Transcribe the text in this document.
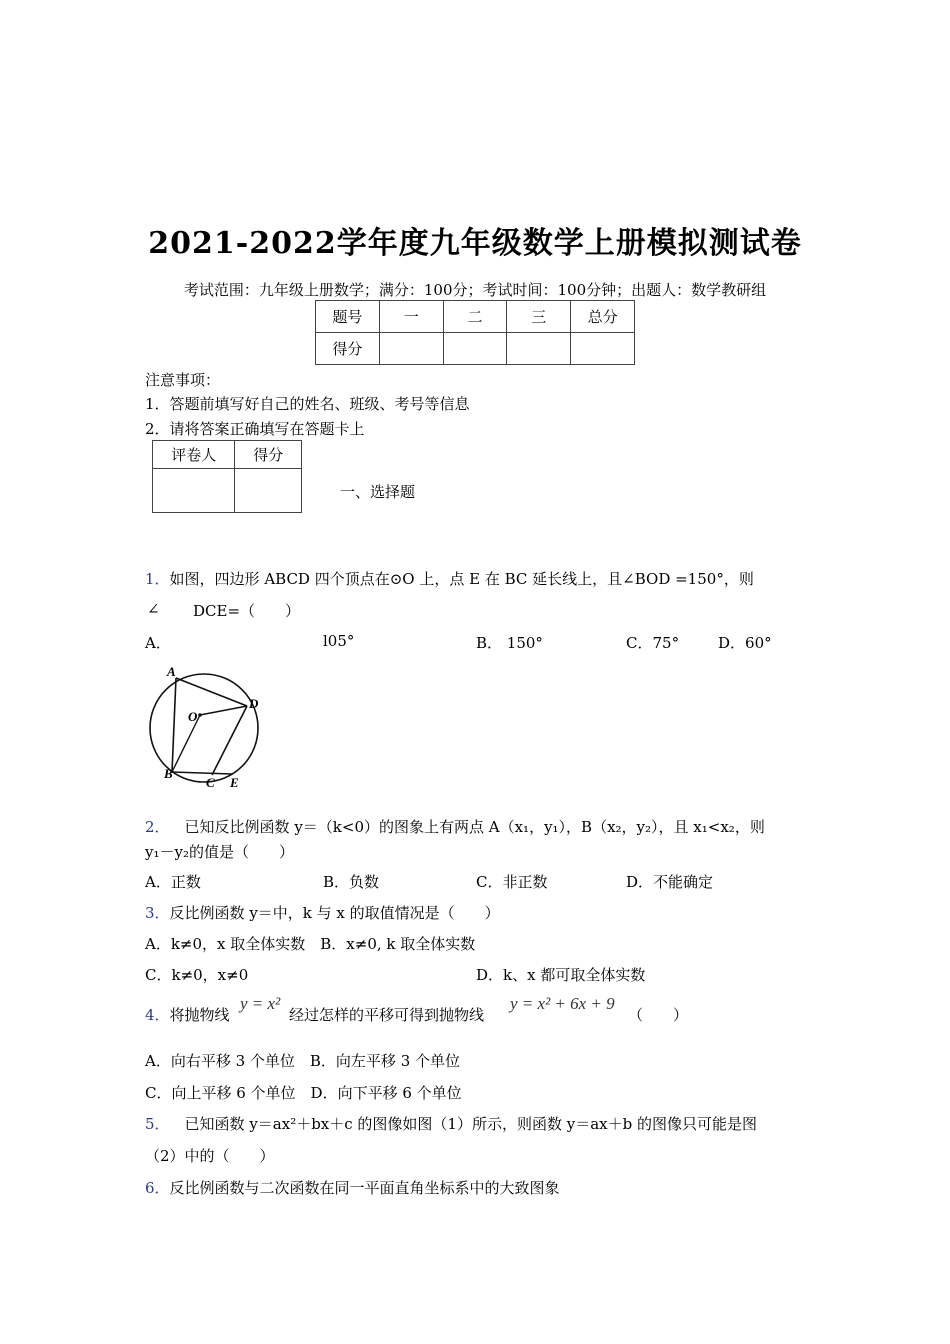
2021-2022学年度九年级数学上册模拟测试卷
考试范围：九年级上册数学；满分：100分；考试时间：100分钟；出题人：数学教研组
题号	一	二	三	总分
得分				
注意事项：
1．答题前填写好自己的姓名、班级、考号等信息
2．请将答案正确填写在答题卡上
评卷人	得分

一、选择题
1．如图，四边形 ABCD 四个顶点在⊙O 上，点 E 在 BC 延长线上，且∠BOD =150°，则
∠ DCE=（　　）
A．	l05°	B． 150°	C．75°	D．60°
A
O
D
B
C E
2．  已知反比例函数 y＝（k<0）的图象上有两点 A（x₁，y₁），B（x₂，y₂），且 x₁<x₂，则
y₁－y₂的值是（　　）
A．正数	B．负数	C．非正数	D．不能确定
3．反比例函数 y＝中，k 与 x 的取值情况是（　　）
A．k≠0，x 取全体实数　B．x≠0, k 取全体实数
C．k≠0，x≠0	D．k、x 都可取全体实数
4．将抛物线
y = x²
经过怎样的平移可得到抛物线
y = x² + 6x + 9
（　　）
A．向右平移 3 个单位　B．向左平移 3 个单位
C．向上平移 6 个单位　D．向下平移 6 个单位
5．  已知函数 y＝ax²＋bx＋c 的图像如图（1）所示，则函数 y＝ax＋b 的图像只可能是图
（2）中的（　　）
6．反比例函数与二次函数在同一平面直角坐标系中的大致图象
